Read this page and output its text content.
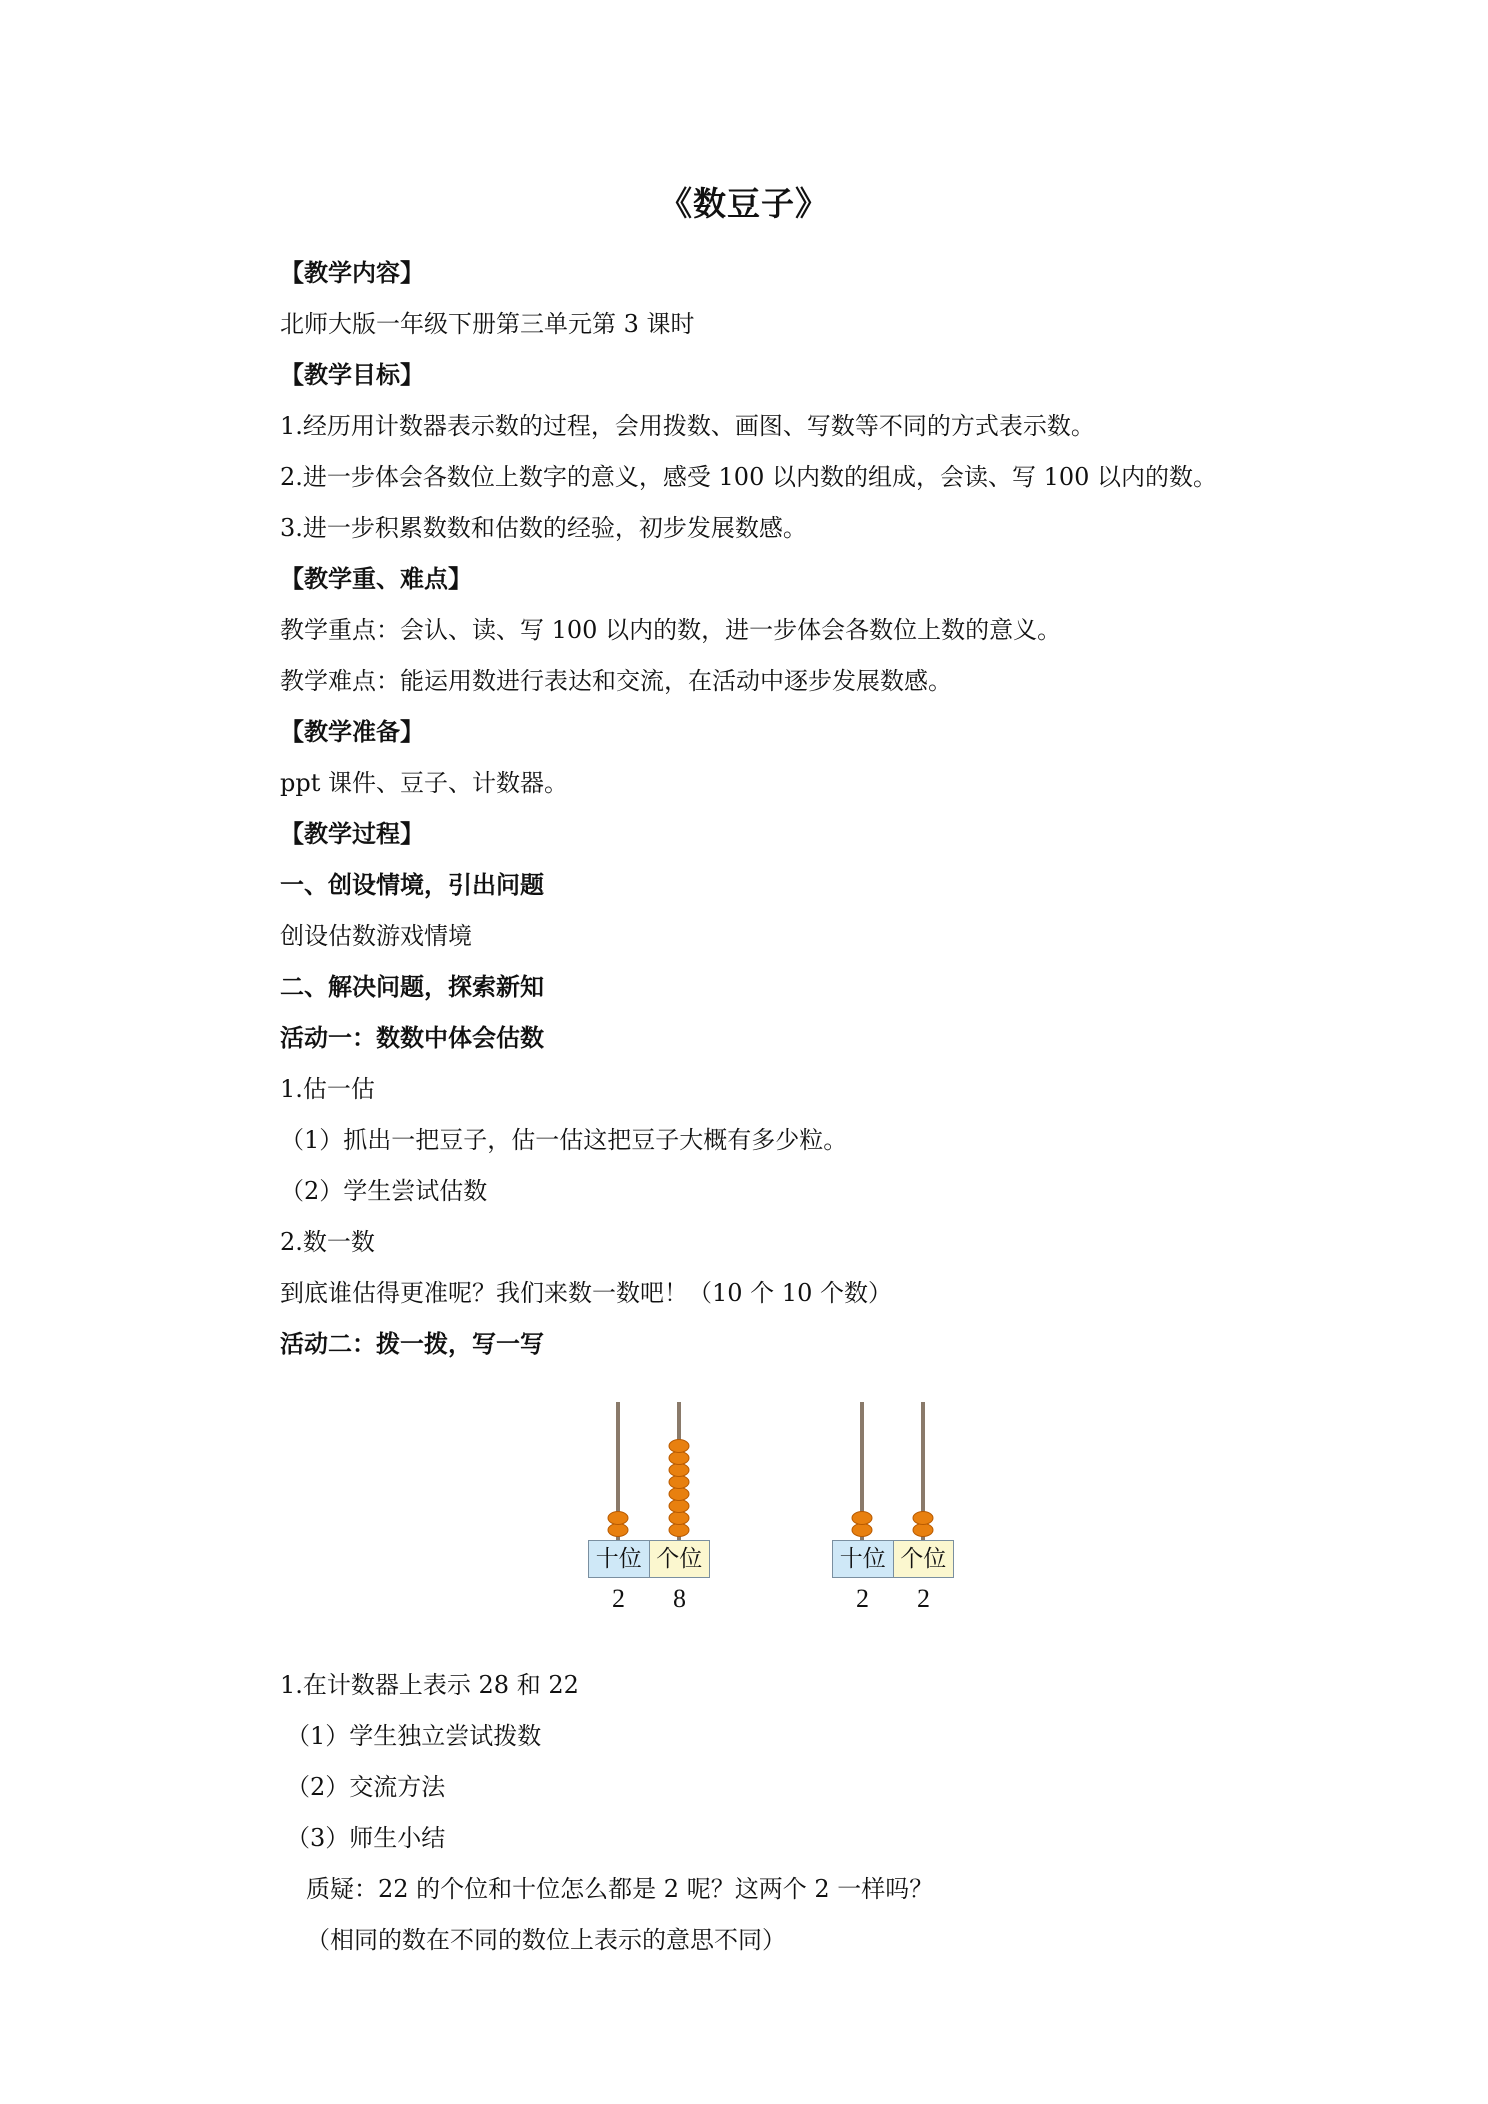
《数豆子》
【教学内容】
北师大版一年级下册第三单元第 3 课时
【教学目标】
1.经历用计数器表示数的过程，会用拨数、画图、写数等不同的方式表示数。
2.进一步体会各数位上数字的意义，感受 100 以内数的组成，会读、写 100 以内的数。
3.进一步积累数数和估数的经验，初步发展数感。
【教学重、难点】
教学重点：会认、读、写 100 以内的数，进一步体会各数位上数的意义。
教学难点：能运用数进行表达和交流，在活动中逐步发展数感。
【教学准备】
ppt 课件、豆子、计数器。
【教学过程】
一、创设情境，引出问题
创设估数游戏情境
二、解决问题，探索新知
活动一：数数中体会估数
1.估一估
（1）抓出一把豆子，估一估这把豆子大概有多少粒。
（2）学生尝试估数
2.数一数
到底谁估得更准呢？我们来数一数吧！（10 个 10 个数）
活动二：拨一拨，写一写
十位 个位
2	8
十位 个位
2	2
1.在计数器上表示 28 和 22
（1）学生独立尝试拨数
（2）交流方法
（3）师生小结
质疑：22 的个位和十位怎么都是 2 呢？这两个 2 一样吗？
（相同的数在不同的数位上表示的意思不同）
